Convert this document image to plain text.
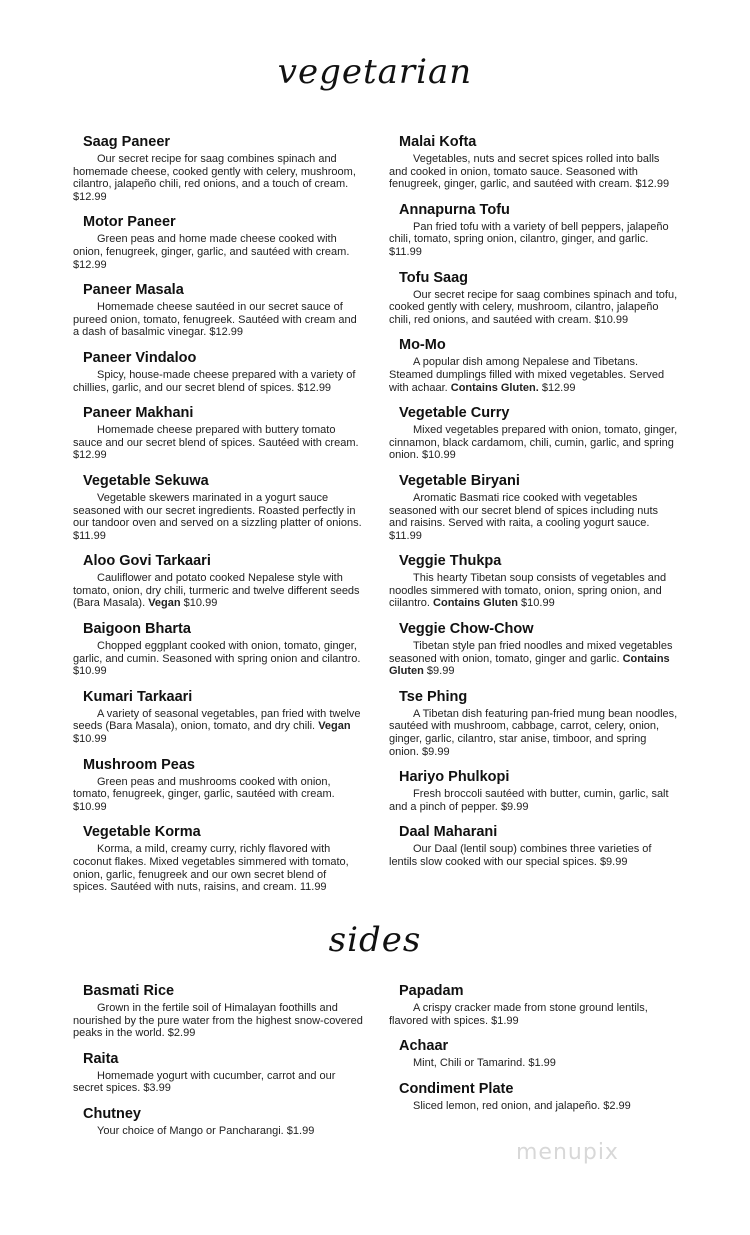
vegetarian
Saag Paneer

Our secret recipe for saag combines spinach and homemade cheese, cooked gently with celery, mushroom, cilantro, jalapeño chili, red onions, and a touch of cream. $12.99

Motor Paneer

Green peas and home made cheese cooked with onion, fenugreek, ginger, garlic, and sautéed with cream. $12.99

Paneer Masala

Homemade cheese sautéed in our secret sauce of pureed onion, tomato, fenugreek. Sautéed with cream and a dash of basalmic vinegar. $12.99

Paneer Vindaloo

Spicy, house-made cheese prepared with a variety of chillies, garlic, and our secret blend of spices. $12.99

Paneer Makhani

Homemade cheese prepared with buttery tomato sauce and our secret blend of spices. Sautéed with cream. $12.99

Vegetable Sekuwa

Vegetable skewers marinated in a yogurt sauce seasoned with our secret ingredients. Roasted perfectly in our tandoor oven and served on a sizzling platter of onions. $11.99

Aloo Govi Tarkaari

Cauliflower and potato cooked Nepalese style with tomato, onion, dry chili, turmeric and twelve different seeds (Bara Masala). Vegan $10.99

Baigoon Bharta

Chopped eggplant cooked with onion, tomato, ginger, garlic, and cumin. Seasoned with spring onion and cilantro. $10.99

Kumari Tarkaari

A variety of seasonal vegetables, pan fried with twelve seeds (Bara Masala), onion, tomato, and dry chili. Vegan $10.99

Mushroom Peas

Green peas and mushrooms cooked with onion, tomato, fenugreek, ginger, garlic, sautéed with cream. $10.99

Vegetable Korma

Korma, a mild, creamy curry, richly flavored with coconut flakes. Mixed vegetables simmered with tomato, onion, garlic, fenugreek and our own secret blend of spices. Sautéed with nuts, raisins, and cream. 11.99

Malai Kofta

Vegetables, nuts and secret spices rolled into balls and cooked in onion, tomato sauce. Seasoned with fenugreek, ginger, garlic, and sautéed with cream. $12.99

Annapurna Tofu

Pan fried tofu with a variety of bell peppers, jalapeño chili, tomato, spring onion, cilantro, ginger, and garlic. $11.99

Tofu Saag

Our secret recipe for saag combines spinach and tofu, cooked gently with celery, mushroom, cilantro, jalapeño chili, red onions, and sautéed with cream. $10.99

Mo-Mo

A popular dish among Nepalese and Tibetans. Steamed dumplings filled with mixed vegetables. Served with achaar. Contains Gluten. $12.99

Vegetable Curry

Mixed vegetables prepared with onion, tomato, ginger, cinnamon, black cardamom, chili, cumin, garlic, and spring onion. $10.99

Vegetable Biryani

Aromatic Basmati rice cooked with vegetables seasoned with our secret blend of spices including nuts and raisins. Served with raita, a cooling yogurt sauce. $11.99

Veggie Thukpa

This hearty Tibetan soup consists of vegetables and noodles simmered with tomato, onion, spring onion, and ciilantro. Contains Gluten $10.99

Veggie Chow-Chow

Tibetan style pan fried noodles and mixed vegetables seasoned with onion, tomato, ginger and garlic. Contains Gluten $9.99

Tse Phing

A Tibetan dish featuring pan-fried mung bean noodles, sautéed with mushroom, cabbage, carrot, celery, onion, ginger, garlic, cilantro, star anise, timboor, and spring onion. $9.99

Hariyo Phulkopi

Fresh broccoli sautéed with butter, cumin, garlic, salt and a pinch of pepper. $9.99

Daal Maharani

Our Daal (lentil soup) combines three varieties of lentils slow cooked with our special spices. $9.99

sides
Basmati Rice

Grown in the fertile soil of Himalayan foothills and nourished by the pure water from the highest snow-covered peaks in the world. $2.99

Raita

Homemade yogurt with cucumber, carrot and our secret spices. $3.99

Chutney

Your choice of Mango or Pancharangi. $1.99

Papadam

A crispy cracker made from stone ground lentils, flavored with spices. $1.99

Achaar

Mint, Chili or Tamarind. $1.99

Condiment Plate

Sliced lemon, red onion, and jalapeño. $2.99

menupix
